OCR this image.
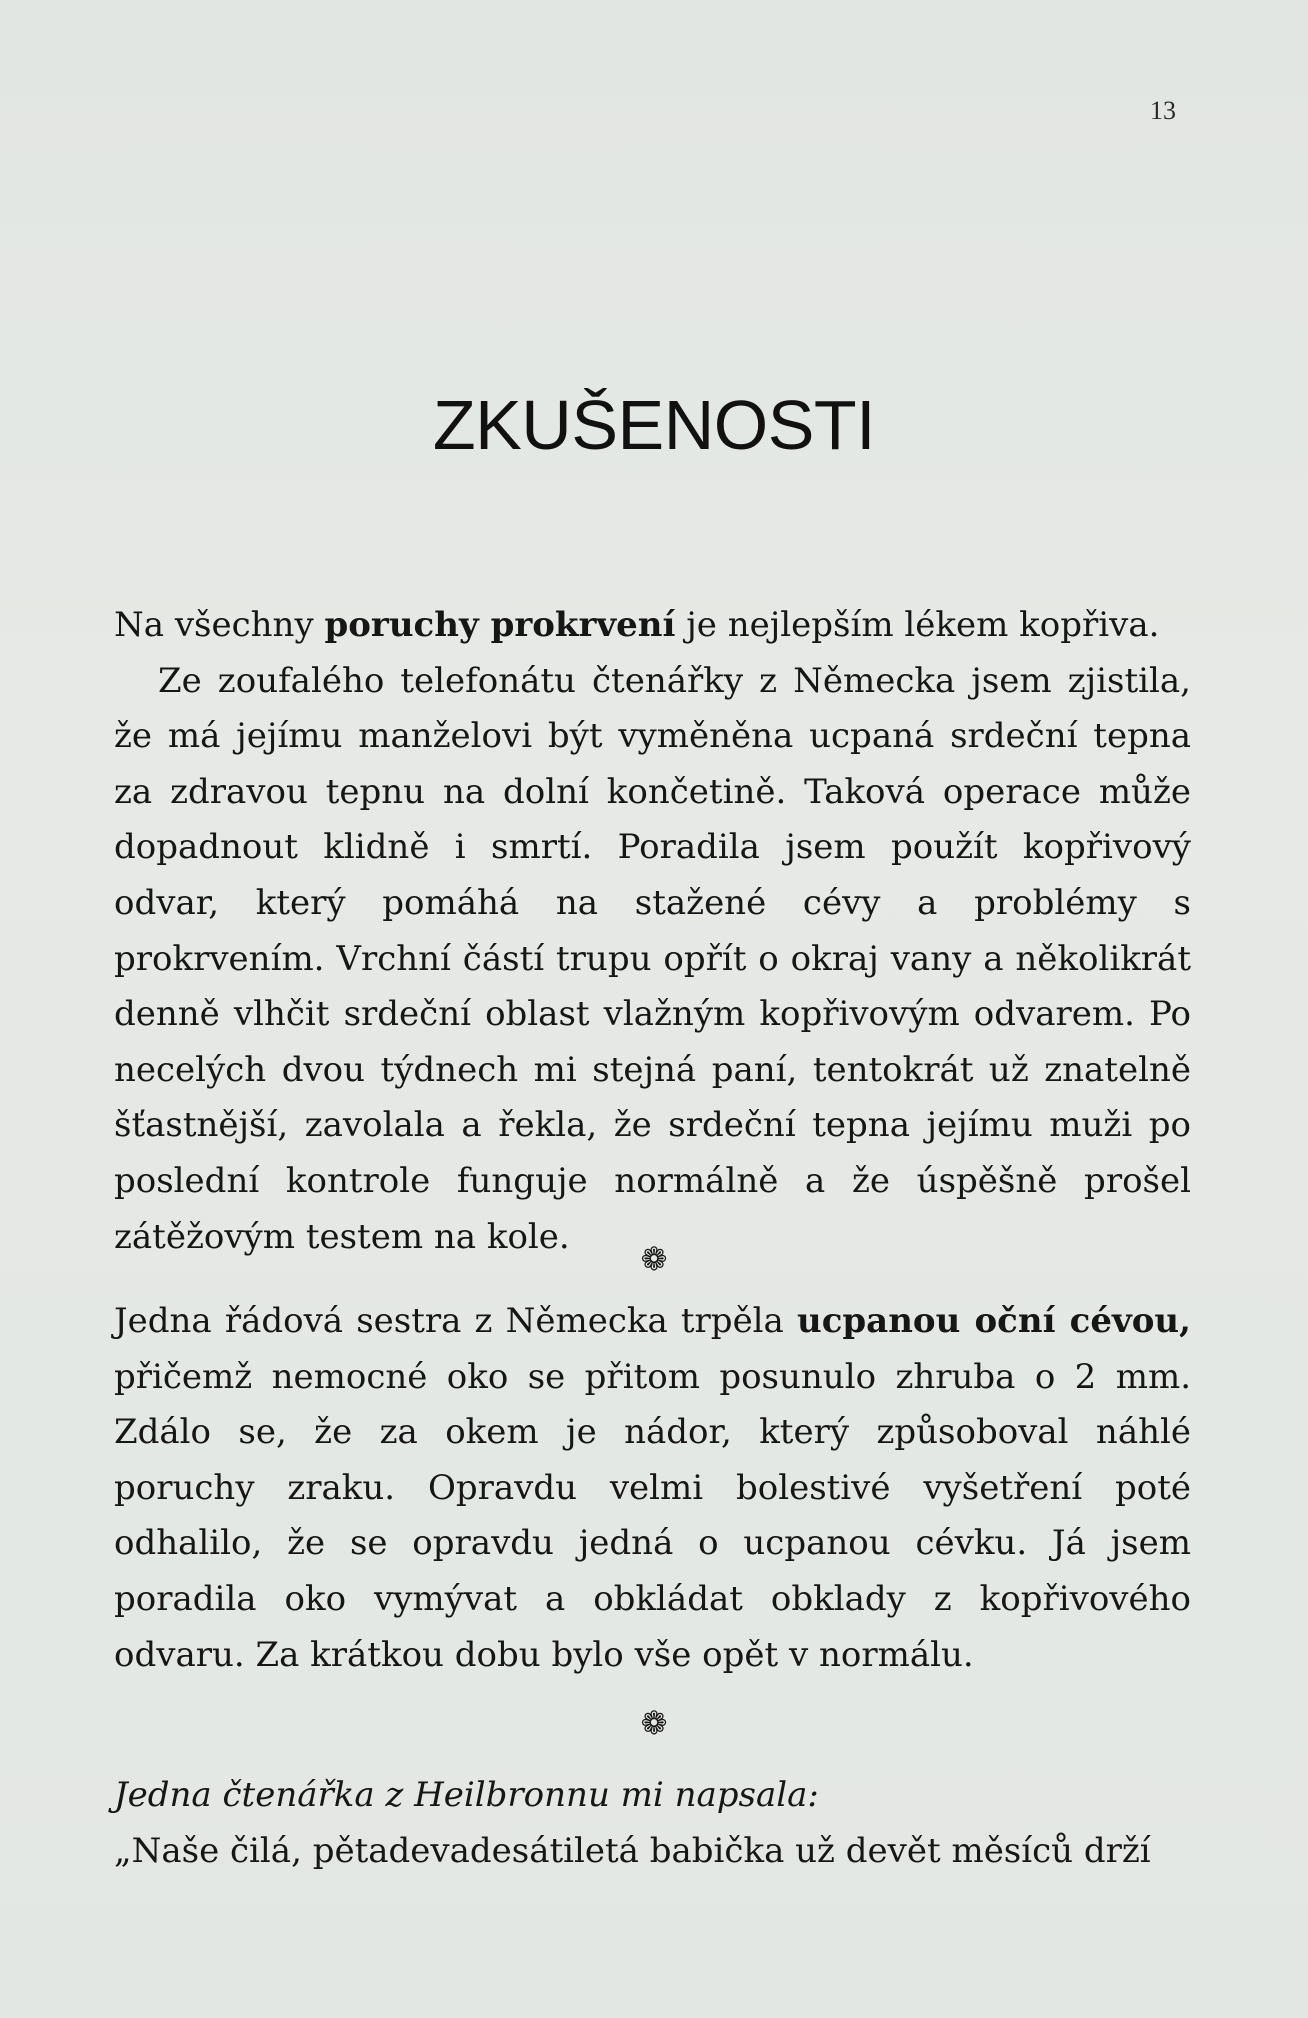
13
ZKUŠENOSTI

Na všechny poruchy prokrvení je nejlepším lékem kopřiva.

Ze zoufalého telefonátu čtenářky z Německa jsem zjistila, že má jejímu manželovi být vyměněna ucpaná srdeční tepna za zdravou tepnu na dolní končetině. Taková operace může dopadnout klidně i smrtí. Poradila jsem použít kopřivový odvar, který pomáhá na stažené cévy a problémy s prokrvením. Vrchní částí trupu opřít o okraj vany a několikrát denně vlhčit srdeční oblast vlažným kopřivovým odvarem. Po necelých dvou týdnech mi stejná paní, tentokrát už znatelně šťastnější, zavolala a řekla, že srdeční tepna jejímu muži po poslední kontrole funguje normálně a že úspěšně prošel zátěžovým testem na kole.

❁

Jedna řádová sestra z Německa trpěla ucpanou oční cévou, přičemž nemocné oko se přitom posunulo zhruba o 2 mm. Zdálo se, že za okem je nádor, který způsoboval náhlé poruchy zraku. Opravdu velmi bolestivé vyšetření poté odhalilo, že se opravdu jedná o ucpanou cévku. Já jsem poradila oko vymývat a obkládat obklady z kopřivového odvaru. Za krátkou dobu bylo vše opět v normálu.

❁

Jedna čtenářka z Heilbronnu mi napsala:

„Naše čilá, pětadevadesátiletá babička už devět měsíců drží
